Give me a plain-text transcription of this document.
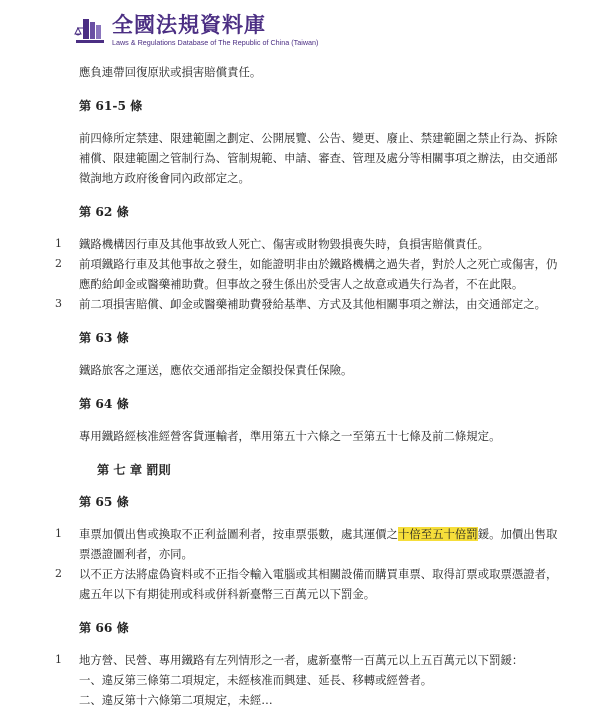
全國法規資料庫
Laws & Regulations Database of The Republic of China (Taiwan)
應負連帶回復原狀或損害賠償責任。
第 61-5 條
前四條所定禁建、限建範圍之劃定、公開展覽、公告、變更、廢止、禁建範圍之禁止行為、拆除
補償、限建範圍之管制行為、管制規範、申請、審查、管理及處分等相關事項之辦法，由交通部
徵詢地方政府後會同內政部定之。
第 62 條
1 鐵路機構因行車及其他事故致人死亡、傷害或財物毀損喪失時，負損害賠償責任。
2 前項鐵路行車及其他事故之發生，如能證明非由於鐵路機構之過失者，對於人之死亡或傷害，仍
應酌給卹金或醫藥補助費。但事故之發生係出於受害人之故意或過失行為者，不在此限。
3 前二項損害賠償、卹金或醫藥補助費發給基準、方式及其他相關事項之辦法，由交通部定之。
第 63 條
鐵路旅客之運送，應依交通部指定金額投保責任保險。
第 64 條
專用鐵路經核准經營客貨運輸者，準用第五十六條之一至第五十七條及前二條規定。
第 七 章 罰則
第 65 條
1 車票加價出售或換取不正利益圖利者，按車票張數，處其運價之十倍至五十倍罰鍰。加價出售取
票憑證圖利者，亦同。
2 以不正方法將虛偽資料或不正指令輸入電腦或其相關設備而購買車票、取得訂票或取票憑證者，
處五年以下有期徒刑或科或併科新臺幣三百萬元以下罰金。
第 66 條
1 地方營、民營、專用鐵路有左列情形之一者，處新臺幣一百萬元以上五百萬元以下罰鍰：
一、違反第三條第二項規定，未經核准而興建、延長、移轉或經營者。
二、違反第十六條第二項規定，未經…
